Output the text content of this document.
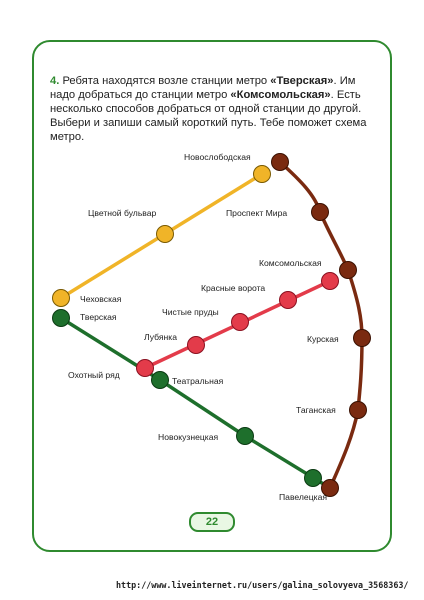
4. Ребята находятся возле станции метро «Тверская». Им надо добраться до станции метро «Комсомольская». Есть несколько способов добраться от одной станции до другой. Выбери и запиши самый короткий путь. Тебе поможет схема метро.

Новослободская
Проспект Мира
Цветной бульвар
Комсомольская
Красные ворота
Чеховская
Чистые пруды
Тверская
Лубянка	Курская
Охотный ряд
Театральная
Таганская
Новокузнецкая
Павелецкая
22
http://www.liveinternet.ru/users/galina_solovyeva_3568363/
